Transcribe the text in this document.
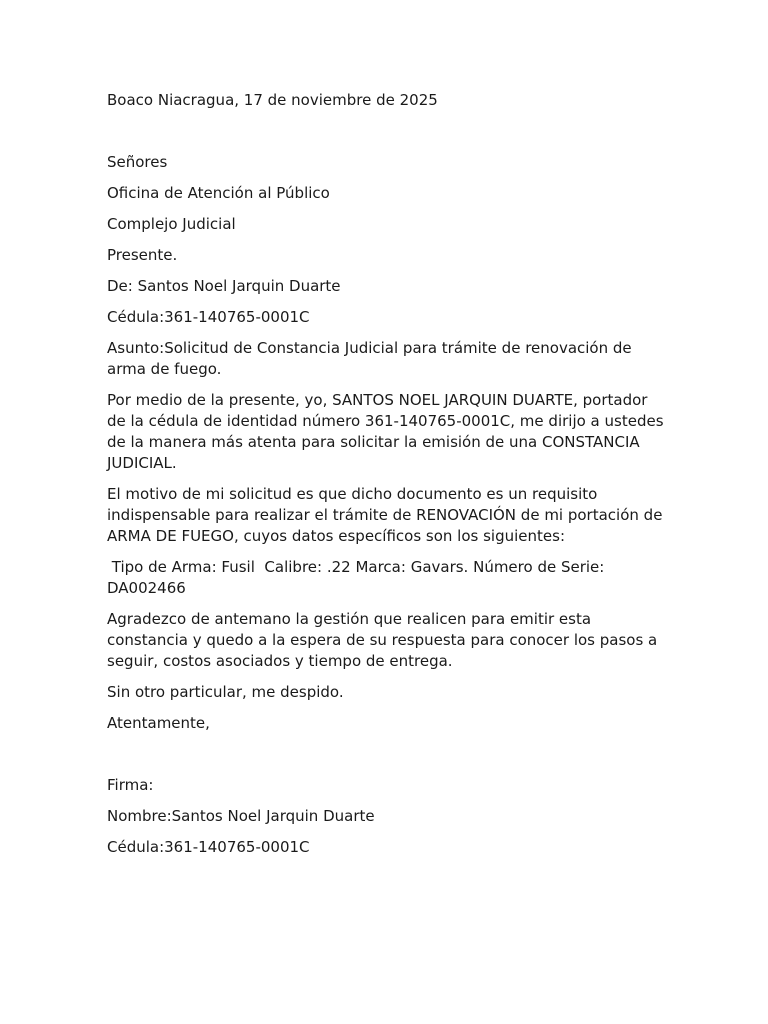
Boaco Niacragua, 17 de noviembre de 2025

Señores

Oficina de Atención al Público

Complejo Judicial

Presente.

De: Santos Noel Jarquin Duarte

Cédula:361-140765-0001C

Asunto:Solicitud de Constancia Judicial para trámite de renovación de arma de fuego.

Por medio de la presente, yo, SANTOS NOEL JARQUIN DUARTE, portador de la cédula de identidad número 361-140765-0001C, me dirijo a ustedes de la manera más atenta para solicitar la emisión de una CONSTANCIA JUDICIAL.

El motivo de mi solicitud es que dicho documento es un requisito indispensable para realizar el trámite de RENOVACIÓN de mi portación de ARMA DE FUEGO, cuyos datos específicos son los siguientes:

Tipo de Arma: Fusil  Calibre: .22 Marca: Gavars. Número de Serie: DA002466

Agradezco de antemano la gestión que realicen para emitir esta constancia y quedo a la espera de su respuesta para conocer los pasos a seguir, costos asociados y tiempo de entrega.

Sin otro particular, me despido.

Atentamente,

Firma:

Nombre:Santos Noel Jarquin Duarte

Cédula:361-140765-0001C
